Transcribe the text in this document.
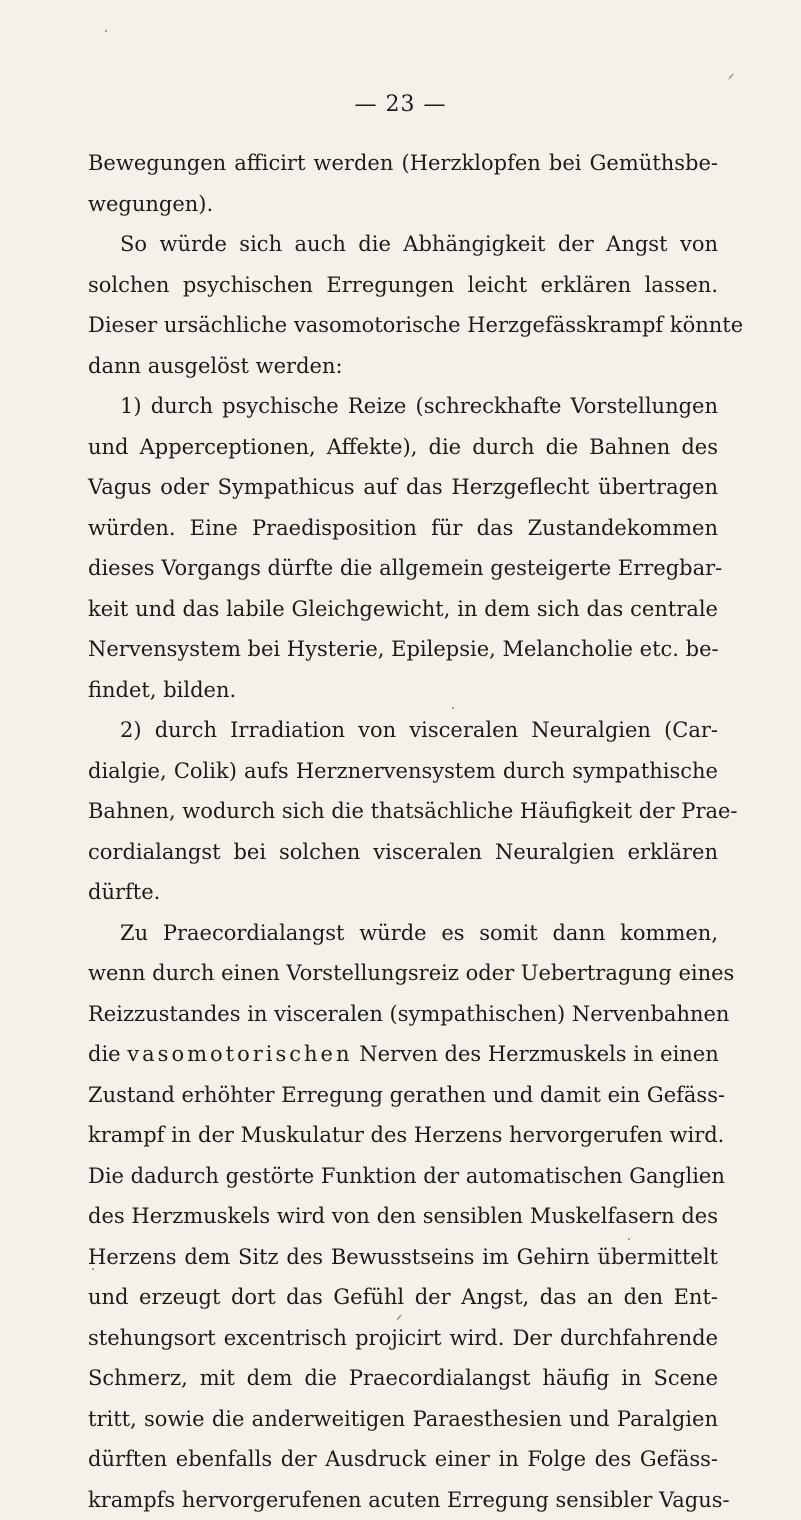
— 23 —
Bewegungen afficirt werden (Herzklopfen bei Gemüthsbe-
wegungen).
So würde sich auch die Abhängigkeit der Angst von
solchen psychischen Erregungen leicht erklären lassen.
Dieser ursächliche vasomotorische Herzgefässkrampf könnte
dann ausgelöst werden:
1) durch psychische Reize (schreckhafte Vorstellungen
und Apperceptionen, Affekte), die durch die Bahnen des
Vagus oder Sympathicus auf das Herzgeflecht übertragen
würden. Eine Praedisposition für das Zustandekommen
dieses Vorgangs dürfte die allgemein gesteigerte Erregbar-
keit und das labile Gleichgewicht, in dem sich das centrale
Nervensystem bei Hysterie, Epilepsie, Melancholie etc. be-
findet, bilden.
2) durch Irradiation von visceralen Neuralgien (Car-
dialgie, Colik) aufs Herznervensystem durch sympathische
Bahnen, wodurch sich die thatsächliche Häufigkeit der Prae-
cordialangst bei solchen visceralen Neuralgien erklären
dürfte.
Zu Praecordialangst würde es somit dann kommen,
wenn durch einen Vorstellungsreiz oder Uebertragung eines
Reizzustandes in visceralen (sympathischen) Nervenbahnen
die vasomotorischen Nerven des Herzmuskels in einen
Zustand erhöhter Erregung gerathen und damit ein Gefäss-
krampf in der Muskulatur des Herzens hervorgerufen wird.
Die dadurch gestörte Funktion der automatischen Ganglien
des Herzmuskels wird von den sensiblen Muskelfasern des
Herzens dem Sitz des Bewusstseins im Gehirn übermittelt
und erzeugt dort das Gefühl der Angst, das an den Ent-
stehungsort excentrisch projicirt wird. Der durchfahrende
Schmerz, mit dem die Praecordialangst häufig in Scene
tritt, sowie die anderweitigen Paraesthesien und Paralgien
dürften ebenfalls der Ausdruck einer in Folge des Gefäss-
krampfs hervorgerufenen acuten Erregung sensibler Vagus-
